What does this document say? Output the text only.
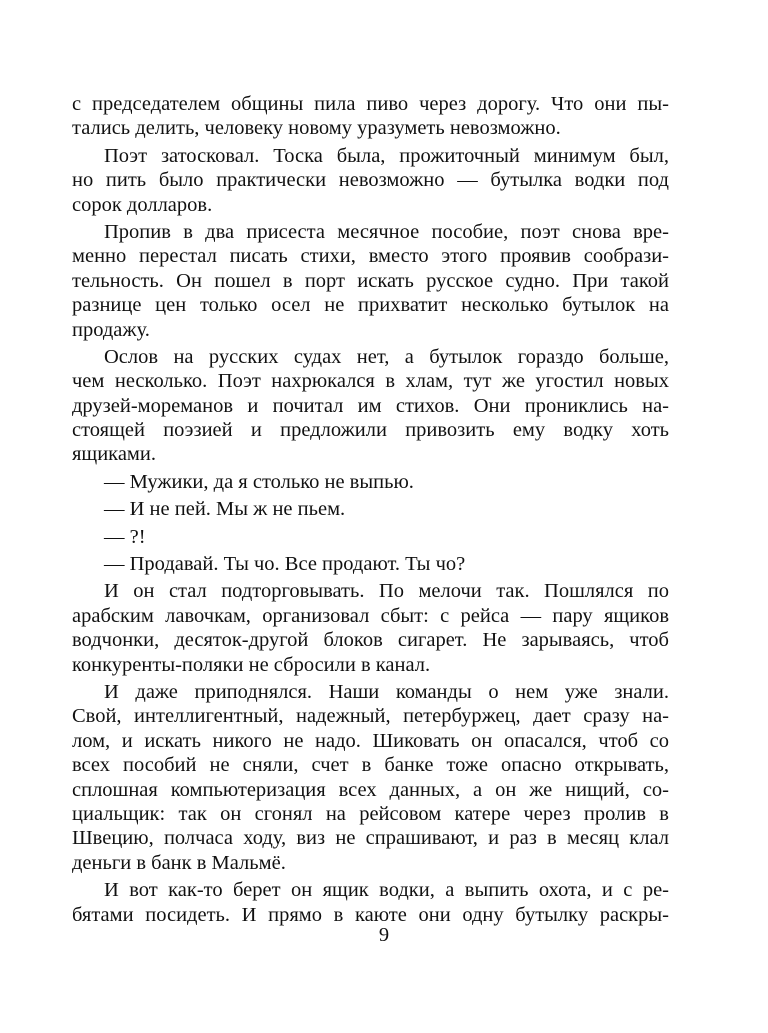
с председателем общины пила пиво через дорогу. Что они пы-
тались делить, человеку новому уразуметь невозможно.
Поэт затосковал. Тоска была, прожиточный минимум был,
но пить было практически невозможно — бутылка водки под
сорок долларов.
Пропив в два присеста месячное пособие, поэт снова вре-
менно перестал писать стихи, вместо этого проявив сообрази-
тельность. Он пошел в порт искать русское судно. При такой
разнице цен только осел не прихватит несколько бутылок на
продажу.
Ослов на русских судах нет, а бутылок гораздо больше,
чем несколько. Поэт нахрюкался в хлам, тут же угостил новых
друзей-мореманов и почитал им стихов. Они прониклись на-
стоящей поэзией и предложили привозить ему водку хоть
ящиками.
— Мужики, да я столько не выпью.
— И не пей. Мы ж не пьем.
— ?!
— Продавай. Ты чо. Все продают. Ты чо?
И он стал подторговывать. По мелочи так. Пошлялся по
арабским лавочкам, организовал сбыт: с рейса — пару ящиков
водчонки, десяток-другой блоков сигарет. Не зарываясь, чтоб
конкуренты-поляки не сбросили в канал.
И даже приподнялся. Наши команды о нем уже знали.
Свой, интеллигентный, надежный, петербуржец, дает сразу на-
лом, и искать никого не надо. Шиковать он опасался, чтоб со
всех пособий не сняли, счет в банке тоже опасно открывать,
сплошная компьютеризация всех данных, а он же нищий, со-
циальщик: так он сгонял на рейсовом катере через пролив в
Швецию, полчаса ходу, виз не спрашивают, и раз в месяц клал
деньги в банк в Мальмё.
И вот как-то берет он ящик водки, а выпить охота, и с ре-
бятами посидеть. И прямо в каюте они одну бутылку раскры-
9
